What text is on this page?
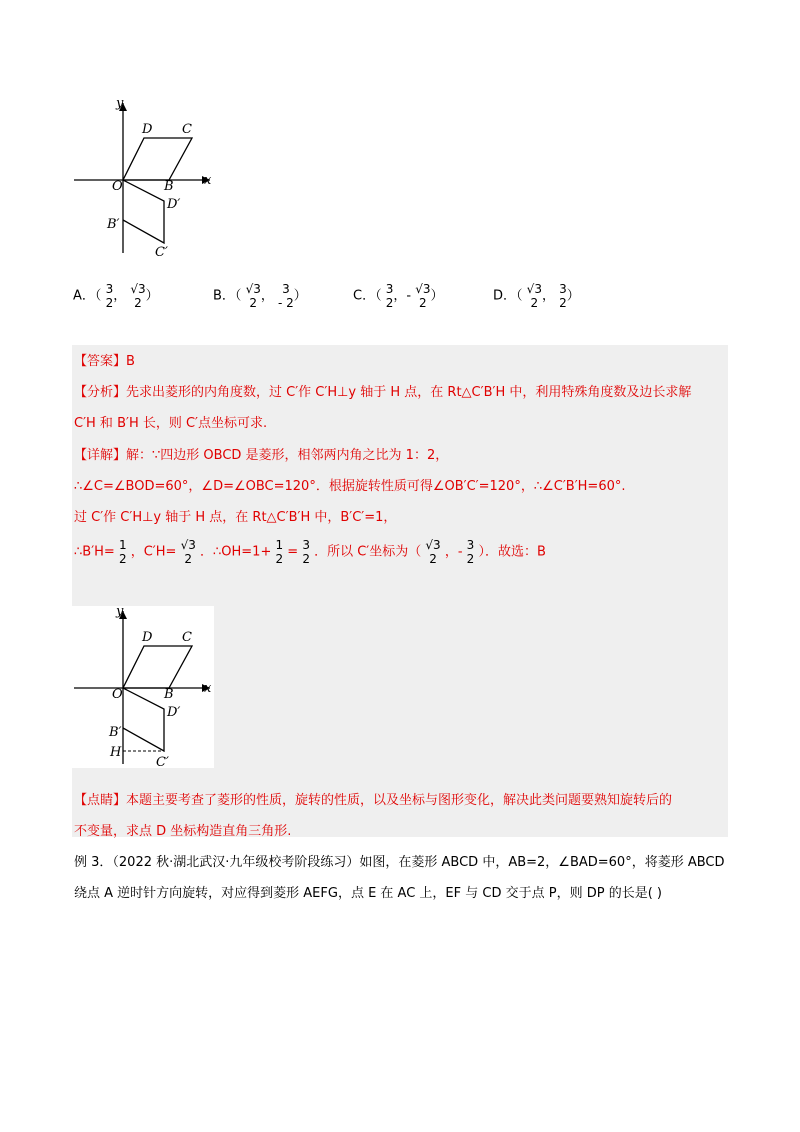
y
x
D C
O	B
D′
B′
C′
A．（ 3
2 ， √3
2 ）	B．（ √3
2 ， 3
- 2 ）	C．（ 3
2 ，- √3
2 ）	D．（ √3
2 ， 3
2 ）
【答案】B
【分析】先求出菱形的内角度数，过 C′作 C′H⊥y 轴于 H 点，在 Rt△C′B′H 中，利用特殊角度数及边长求解
C′H 和 B′H 长，则 C′点坐标可求.
【详解】解：∵四边形 OBCD 是菱形，相邻两内角之比为 1：2，
∴∠C=∠BOD=60°，∠D=∠OBC=120°．根据旋转性质可得∠OB′C′=120°，∴∠C′B′H=60°.
过 C′作 C′H⊥y 轴于 H 点，在 Rt△C′B′H 中，B′C′=1，
∴B′H= 1
2 ，C′H= √3
2 ．∴OH=1+ 1
2 = 3
2 ．所以 C′坐标为（ √3
2 ，- 3
2 ）．故选：B
y
x
D C
O	B
D′
B′
H
C′
【点睛】本题主要考查了菱形的性质，旋转的性质，以及坐标与图形变化，解决此类问题要熟知旋转后的
不变量，求点 D 坐标构造直角三角形.
例 3．（2022 秋·湖北武汉·九年级校考阶段练习）如图，在菱形 ABCD 中，AB=2，∠BAD=60°，将菱形 ABCD
绕点 A 逆时针方向旋转，对应得到菱形 AEFG，点 E 在 AC 上，EF 与 CD 交于点 P，则 DP 的长是( )
